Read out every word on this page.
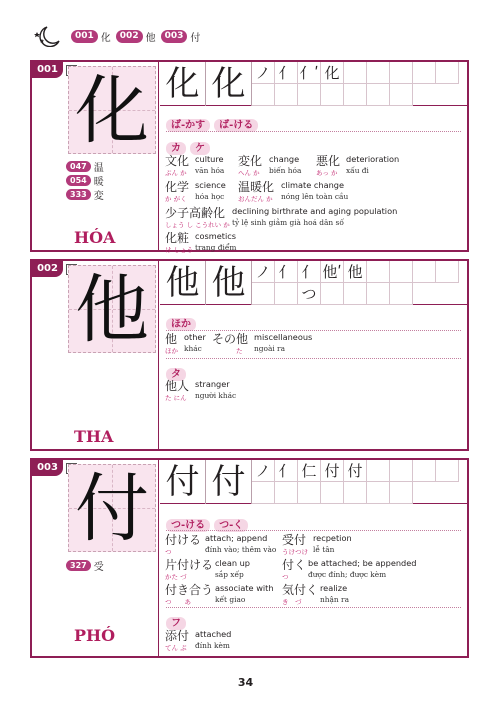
001 化	002 他	003 付
001 化
047 温
054 暖
333 変
HÓA
化 化 ノ 亻 亻ʹ 化
ば-かす ば-ける
カ ケ
文化
ぶん か
culture
văn hóa
変化
へん か
change
biến hóa
悪化
あっ か
deterioration
xấu đi
化学
か がく
science
hóa học
温暖化
おんだん か
climate change
nóng lên toàn cầu
少子高齢化
しょう し こうれい か
declining birthrate and aging population
tỷ lệ sinh giảm già hoá dân số
化粧
け しょう
cosmetics
trang điểm
002 他
THA
他 他 ノ 亻 亻つ
他ʹ 他
ほか
他
ほか
other
khác
その他
た
miscellaneous
ngoài ra
タ
他人
た にん
stranger
người khác
003 付
327 受
PHÓ
付 付 ノ 亻 仁 付 付
つ-ける つ-く
付ける
つ
attach; append
đính vào; thêm vào
受付
うけつけ
recpetion
lễ tân
片付ける
かた づ
clean up
sắp xếp
付く
つ
be attached; be appended
được đính; được kèm
付き合う
つ　　あ
associate with
kết giao
気付く
き　づ
realize
nhận ra
フ
添付
てん ぷ
attached
đính kèm
34
